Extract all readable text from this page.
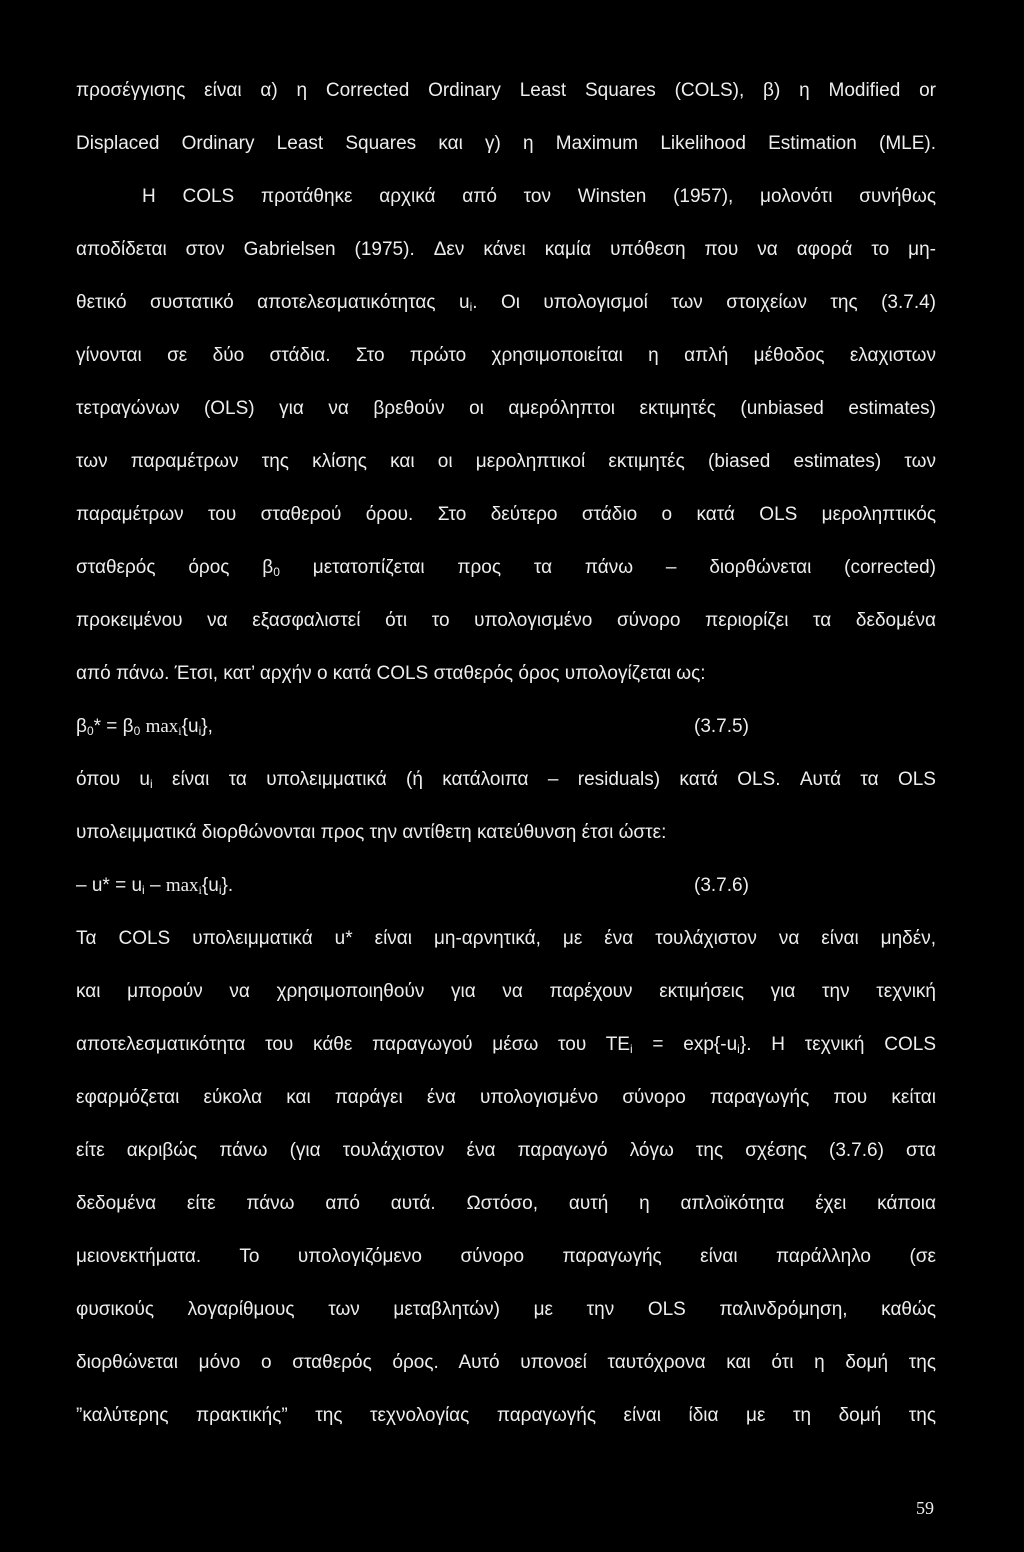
προσέγγισης είναι α) η Corrected Ordinary Least Squares (COLS), β) η Modified or
Displaced Ordinary Least Squares και γ) η Maximum Likelihood Estimation (MLE).
Η COLS προτάθηκε αρχικά από τον Winsten (1957), μολονότι συνήθως
αποδίδεται στον Gabrielsen (1975). Δεν κάνει καμία υπόθεση που να αφορά το μη-
θετικό συστατικό αποτελεσματικότητας $u_i$. Οι υπολογισμοί των στοιχείων της (3.7.4)
γίνονται σε δύο στάδια. Στο πρώτο χρησιμοποιείται η απλή μέθοδος ελαχιστων
τετραγώνων (OLS) για να βρεθούν οι αμερόληπτοι εκτιμητές (unbiased estimates)
των παραμέτρων της κλίσης και οι μεροληπτικοί εκτιμητές (biased estimates) των
παραμέτρων του σταθερού όρου. Στο δεύτερο στάδιο ο κατά OLS μεροληπτικός
σταθερός όρος $\beta_0$ μετατοπίζεται προς τα πάνω – διορθώνεται (corrected)
προκειμένου να εξασφαλιστεί ότι το υπολογισμένο σύνορο περιορίζει τα δεδομένα
από πάνω. Έτσι, κατ’ αρχήν ο κατά COLS σταθερός όρος υπολογίζεται ως:
$\beta_0* = \beta_0$ $\max_i\{u_i\}$,	(3.7.5)
όπου $u_i$ είναι τα υπολειμματικά (ή κατάλοιπα – residuals) κατά OLS. Αυτά τα OLS
υπολειμματικά διορθώνονται προς την αντίθετη κατεύθυνση έτσι ώστε:
– $u* = u_i - \max_i\{u_i\}$.	(3.7.6)
Τα COLS υπολειμματικά u* είναι μη-αρνητικά, με ένα τουλάχιστον να είναι μηδέν,
και μπορούν να χρησιμοποιηθούν για να παρέχουν εκτιμήσεις για την τεχνική
αποτελεσματικότητα του κάθε παραγωγού μέσω του $TE_i = \exp\{-u_i\}$. Η τεχνική COLS
εφαρμόζεται εύκολα και παράγει ένα υπολογισμένο σύνορο παραγωγής που κείται
είτε ακριβώς πάνω (για τουλάχιστον ένα παραγωγό λόγω της σχέσης (3.7.6) στα
δεδομένα είτε πάνω από αυτά. Ωστόσο, αυτή η απλοϊκότητα έχει κάποια
μειονεκτήματα. Το υπολογιζόμενο σύνορο παραγωγής είναι παράλληλο (σε
φυσικούς λογαρίθμους των μεταβλητών) με την OLS παλινδρόμηση, καθώς
διορθώνεται μόνο ο σταθερός όρος. Αυτό υπονοεί ταυτόχρονα και ότι η δομή της
”καλύτερης πρακτικής” της τεχνολογίας παραγωγής είναι ίδια με τη δομή της
59
